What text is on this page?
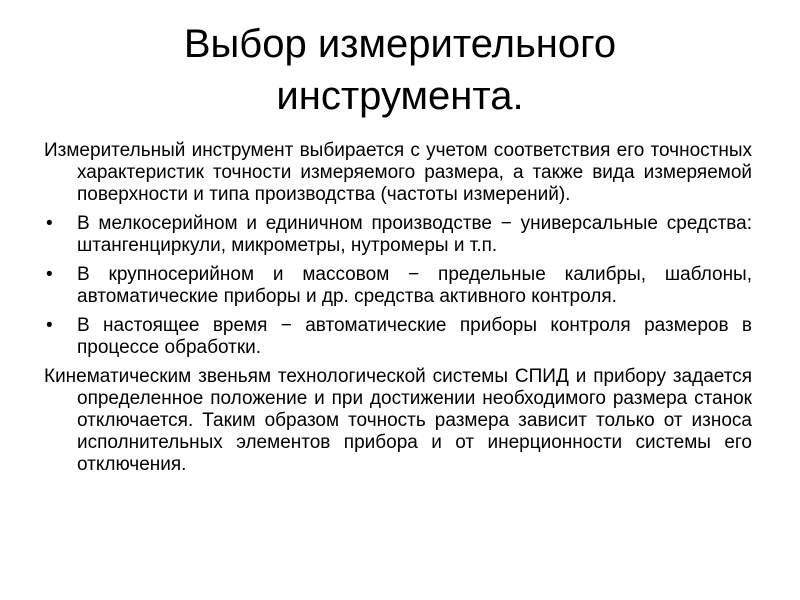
Выбор измерительного
инструмента.

Измерительный инструмент выбирается с учетом соответствия его точностных характеристик точности измеряемого размера, а также вида измеряемой поверхности и типа производства (частоты измерений).

• В мелкосерийном и единичном производстве − универсальные средства: штангенциркули, микрометры, нутромеры и т.п.
• В крупносерийном и массовом − предельные калибры, шаблоны, автоматические приборы и др. средства активного контроля.
• В настоящее время − автоматические приборы контроля размеров в процессе обработки.

Кинематическим звеньям технологической системы СПИД и прибору задается определенное положение и при достижении необходимого размера станок отключается. Таким образом точность размера зависит только от износа исполнительных элементов прибора и от инерционности системы его отключения.
